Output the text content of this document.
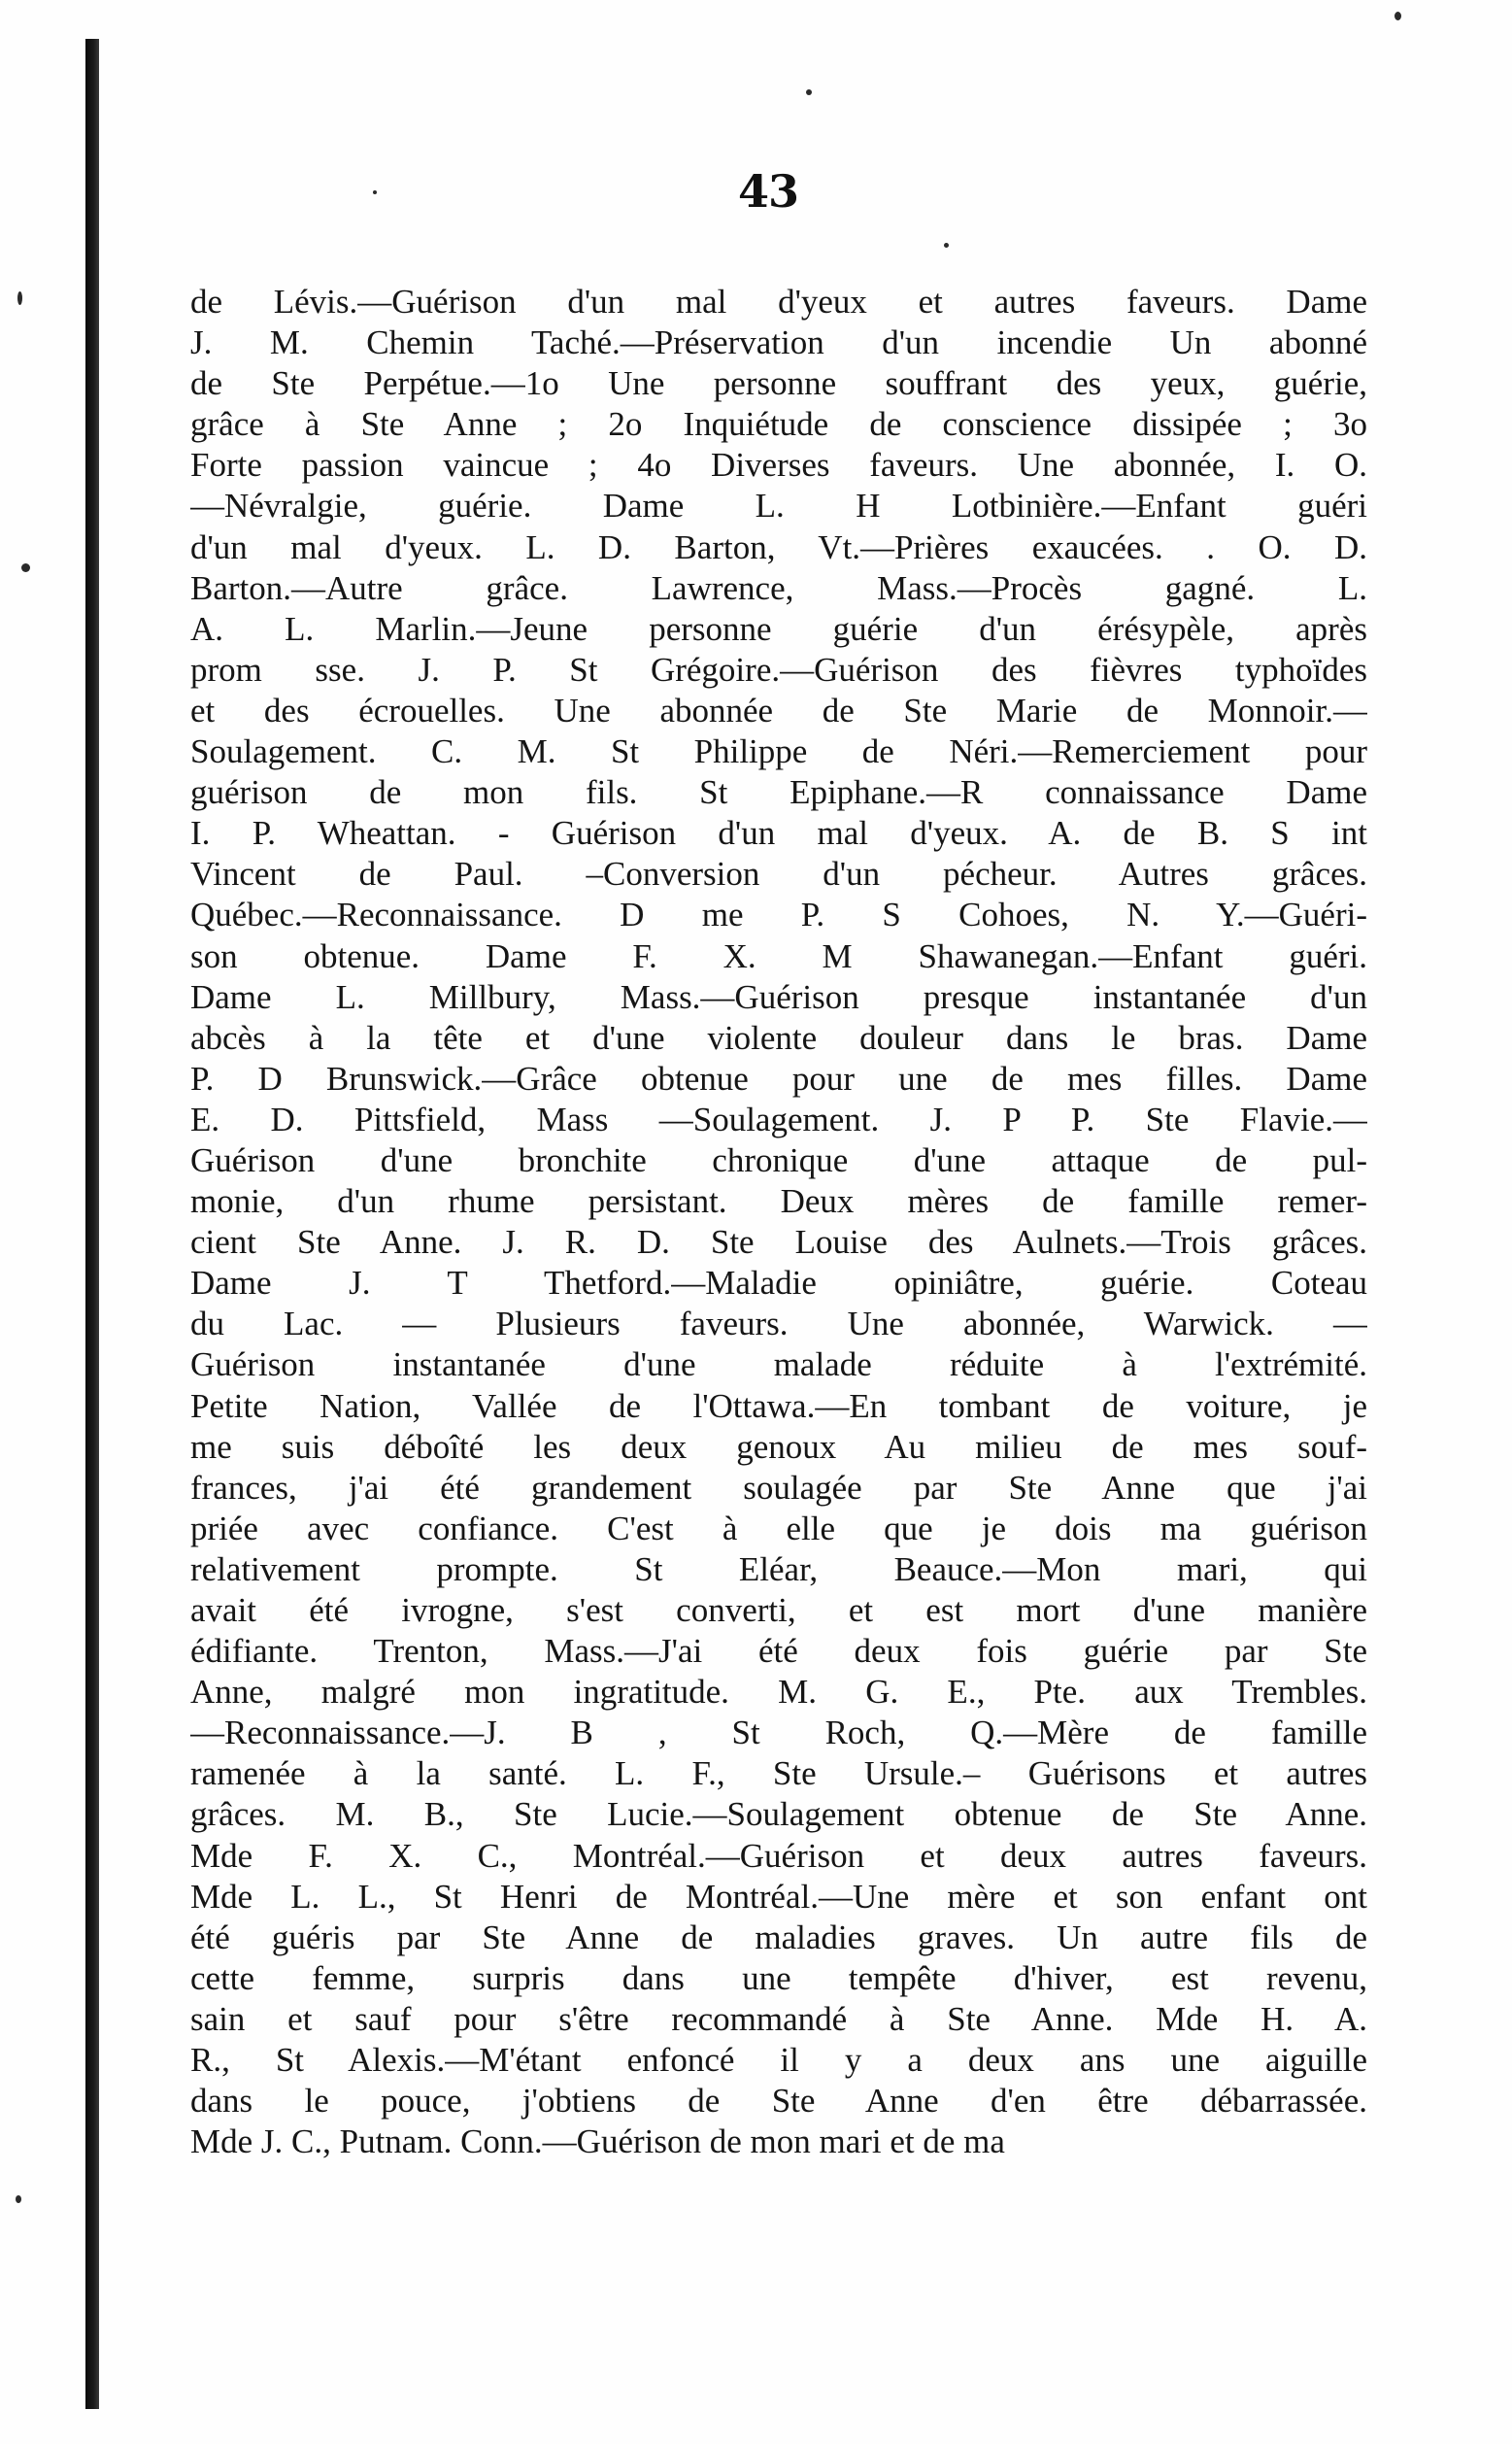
43
de Lévis.—Guérison d'un mal d'yeux et autres faveurs. Dame
J. M. Chemin Taché.—Préservation d'un incendie Un abonné
de Ste Perpétue.—1o Une personne souffrant des yeux, guérie,
grâce à Ste Anne ; 2o Inquiétude de conscience dissipée ; 3o
Forte passion vaincue ; 4o Diverses faveurs. Une abonnée, I. O.
—Névralgie, guérie. Dame L. H Lotbinière.—Enfant guéri
d'un mal d'yeux. L. D. Barton, Vt.—Prières exaucées. . O. D.
Barton.—Autre grâce. Lawrence, Mass.—Procès gagné. L.
A. L. Marlin.—Jeune personne guérie d'un érésypèle, après
prom sse. J. P. St Grégoire.—Guérison des fièvres typhoïdes
et des écrouelles. Une abonnée de Ste Marie de Monnoir.—
Soulagement. C. M. St Philippe de Néri.—Remerciement pour
guérison de mon fils. St Epiphane.—R connaissance Dame
I. P. Wheattan. - Guérison d'un mal d'yeux. A. de B. S int
Vincent de Paul. –Conversion d'un pécheur. Autres grâces.
Québec.—Reconnaissance. D me P. S Cohoes, N. Y.—Guéri-
son obtenue. Dame F. X. M Shawanegan.—Enfant guéri.
Dame L. Millbury, Mass.—Guérison presque instantanée d'un
abcès à la tête et d'une violente douleur dans le bras. Dame
P. D Brunswick.—Grâce obtenue pour une de mes filles. Dame
E. D. Pittsfield, Mass —Soulagement. J. P P. Ste Flavie.—
Guérison d'une bronchite chronique d'une attaque de pul-
monie, d'un rhume persistant. Deux mères de famille remer-
cient Ste Anne. J. R. D. Ste Louise des Aulnets.—Trois grâces.
Dame J. T Thetford.—Maladie opiniâtre, guérie. Coteau
du Lac. — Plusieurs faveurs. Une abonnée, Warwick. —
Guérison instantanée d'une malade réduite à l'extrémité.
Petite Nation, Vallée de l'Ottawa.—En tombant de voiture, je
me suis déboîté les deux genoux Au milieu de mes souf-
frances, j'ai été grandement soulagée par Ste Anne que j'ai
priée avec confiance. C'est à elle que je dois ma guérison
relativement prompte. St Eléar, Beauce.—Mon mari, qui
avait été ivrogne, s'est converti, et est mort d'une manière
édifiante. Trenton, Mass.—J'ai été deux fois guérie par Ste
Anne, malgré mon ingratitude. M. G. E., Pte. aux Trembles.
—Reconnaissance.—J. B , St Roch, Q.—Mère de famille
ramenée à la santé. L. F., Ste Ursule.– Guérisons et autres
grâces. M. B., Ste Lucie.—Soulagement obtenue de Ste Anne.
Mde F. X. C., Montréal.—Guérison et deux autres faveurs.
Mde L. L., St Henri de Montréal.—Une mère et son enfant ont
été guéris par Ste Anne de maladies graves. Un autre fils de
cette femme, surpris dans une tempête d'hiver, est revenu,
sain et sauf pour s'être recommandé à Ste Anne. Mde H. A.
R., St Alexis.—M'étant enfoncé il y a deux ans une aiguille
dans le pouce, j'obtiens de Ste Anne d'en être débarrassée.
Mde J. C., Putnam. Conn.—Guérison de mon mari et de ma
